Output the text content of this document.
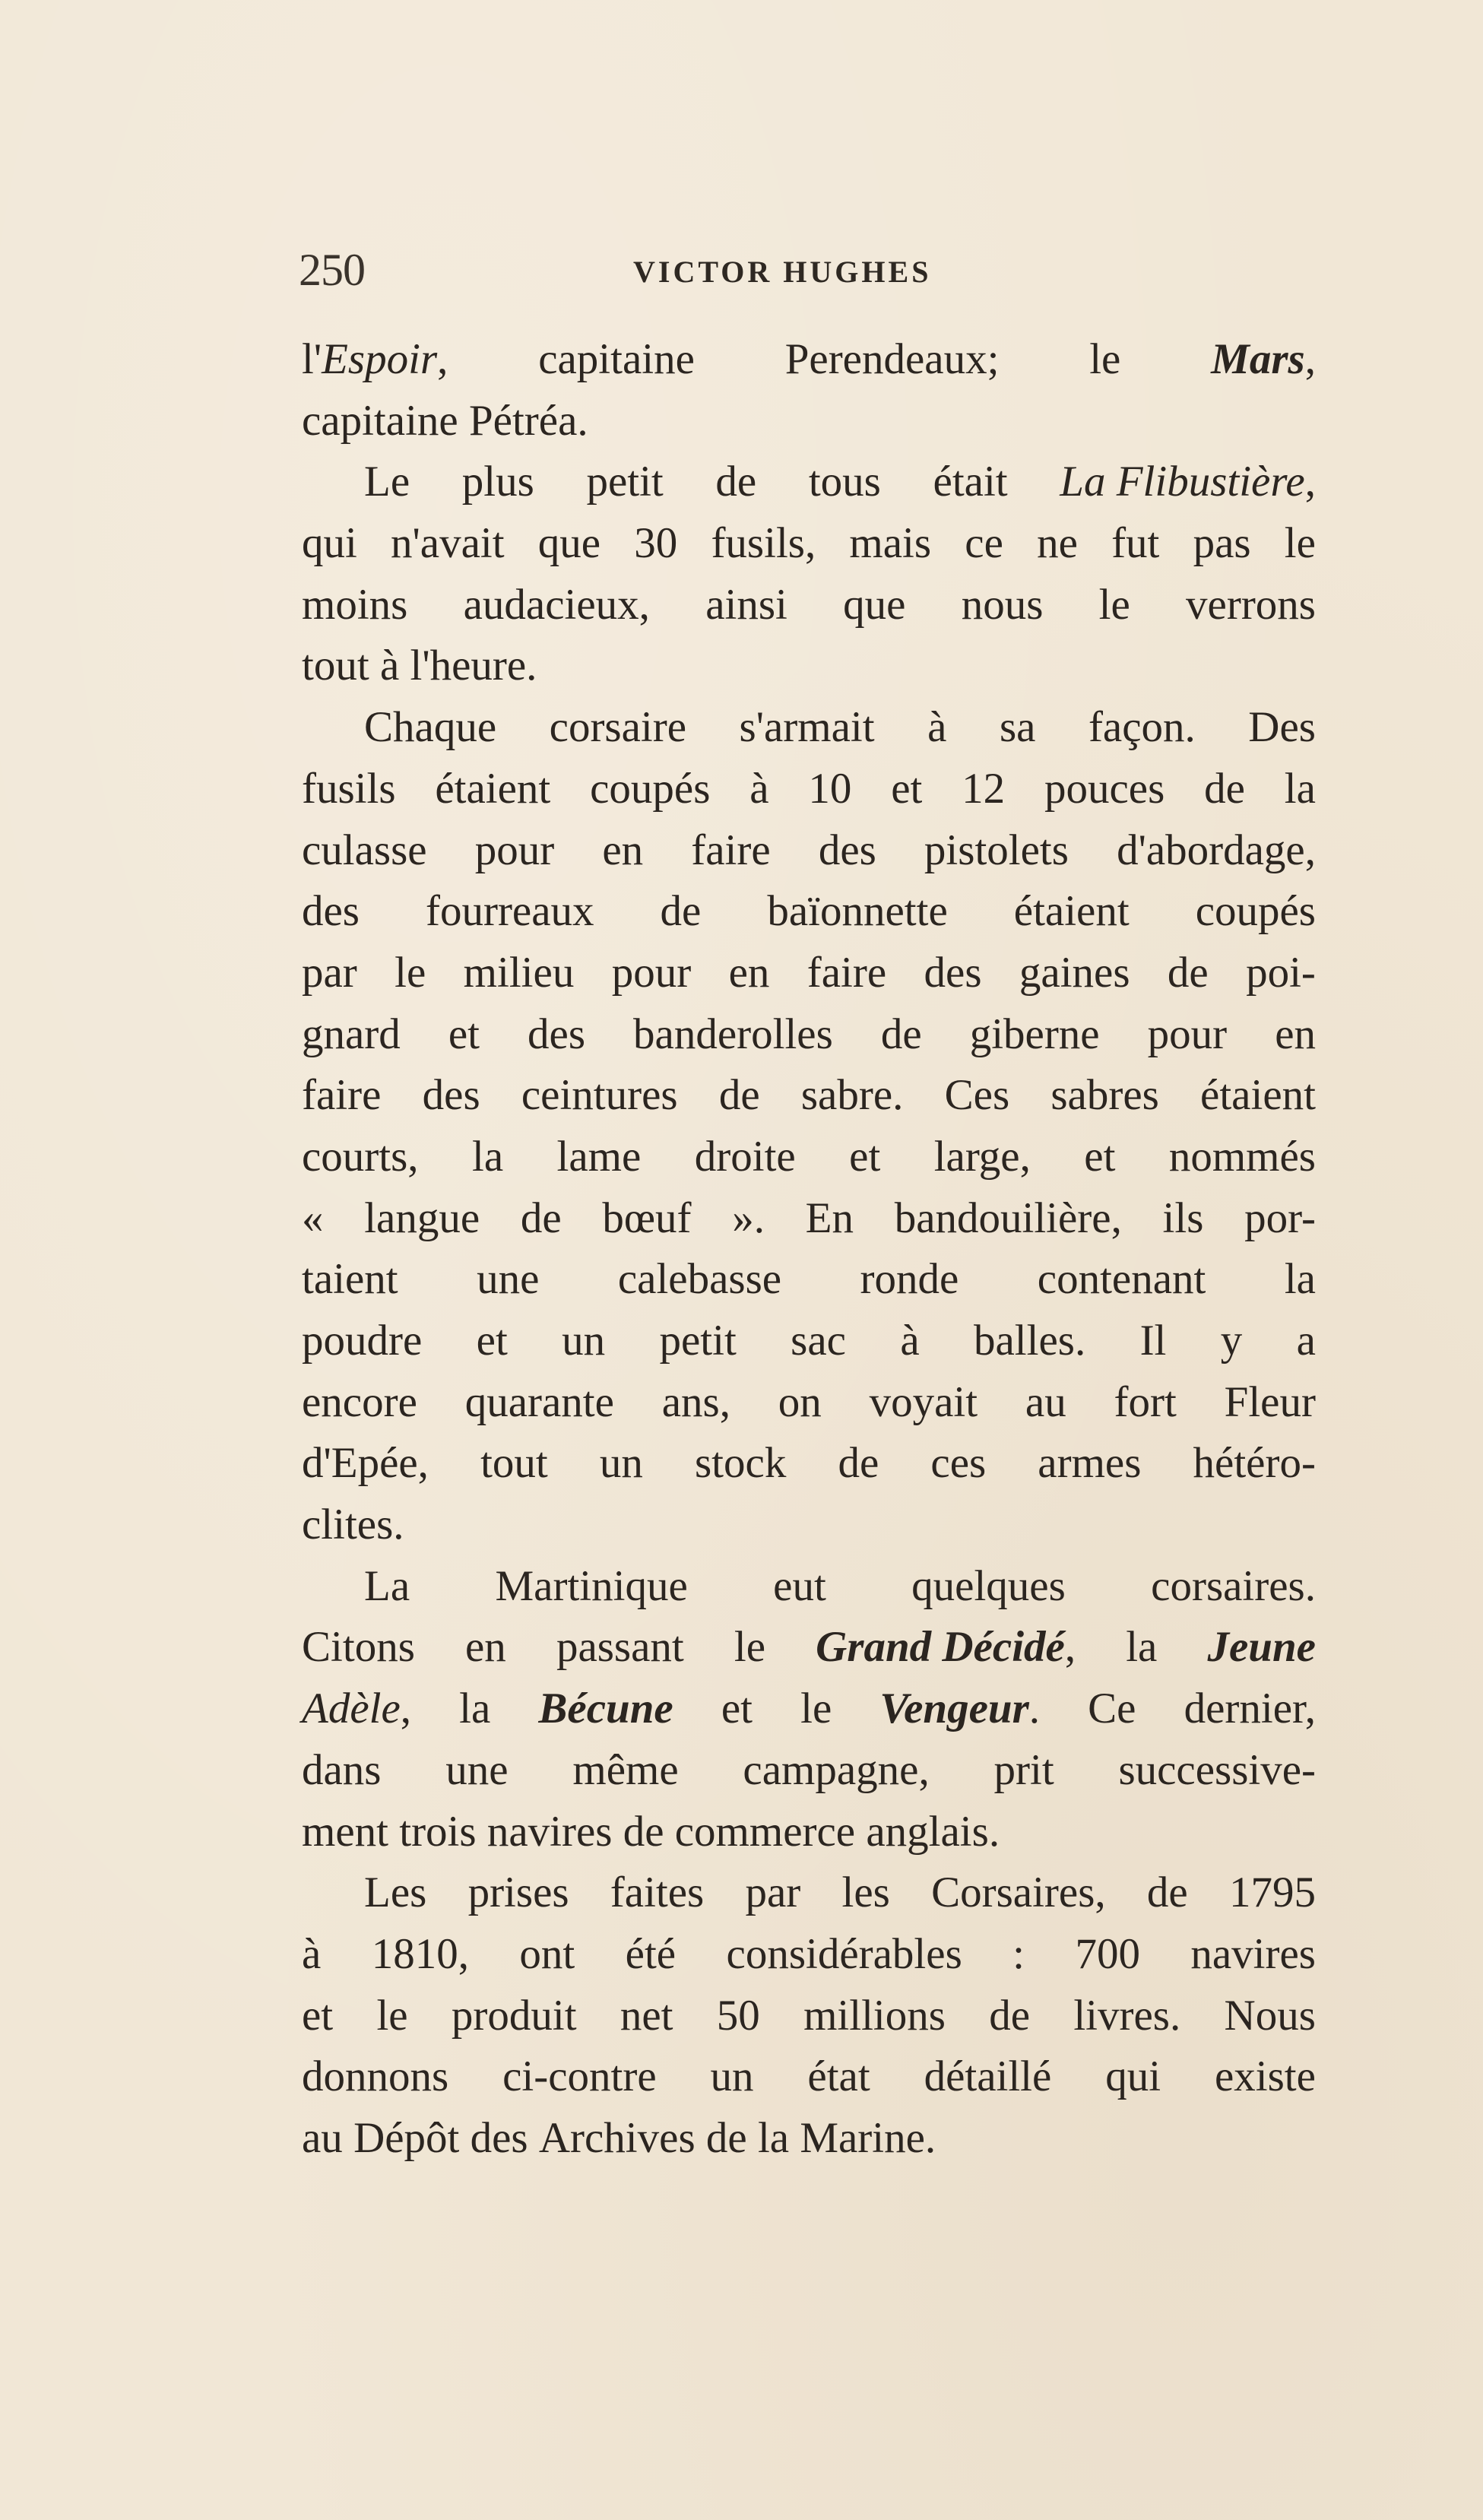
250	VICTOR HUGHES
l'Espoir, capitaine Perendeaux; le Mars,
capitaine Pétréa.
Le plus petit de tous était La Flibustière,
qui n'avait que 30 fusils, mais ce ne fut pas le
moins audacieux, ainsi que nous le verrons
tout à l'heure.
Chaque corsaire s'armait à sa façon. Des
fusils étaient coupés à 10 et 12 pouces de la
culasse pour en faire des pistolets d'abordage,
des fourreaux de baïonnette étaient coupés
par le milieu pour en faire des gaines de poi-
gnard et des banderolles de giberne pour en
faire des ceintures de sabre. Ces sabres étaient
courts, la lame droite et large, et nommés
« langue de bœuf ». En bandouilière, ils por-
taient une calebasse ronde contenant la
poudre et un petit sac à balles. Il y a
encore quarante ans, on voyait au fort Fleur
d'Epée, tout un stock de ces armes hétéro-
clites.
La Martinique eut quelques corsaires.
Citons en passant le Grand Décidé, la Jeune
Adèle, la Bécune et le Vengeur. Ce dernier,
dans une même campagne, prit successive-
ment trois navires de commerce anglais.
Les prises faites par les Corsaires, de 1795
à 1810, ont été considérables : 700 navires
et le produit net 50 millions de livres. Nous
donnons ci-contre un état détaillé qui existe
au Dépôt des Archives de la Marine.
